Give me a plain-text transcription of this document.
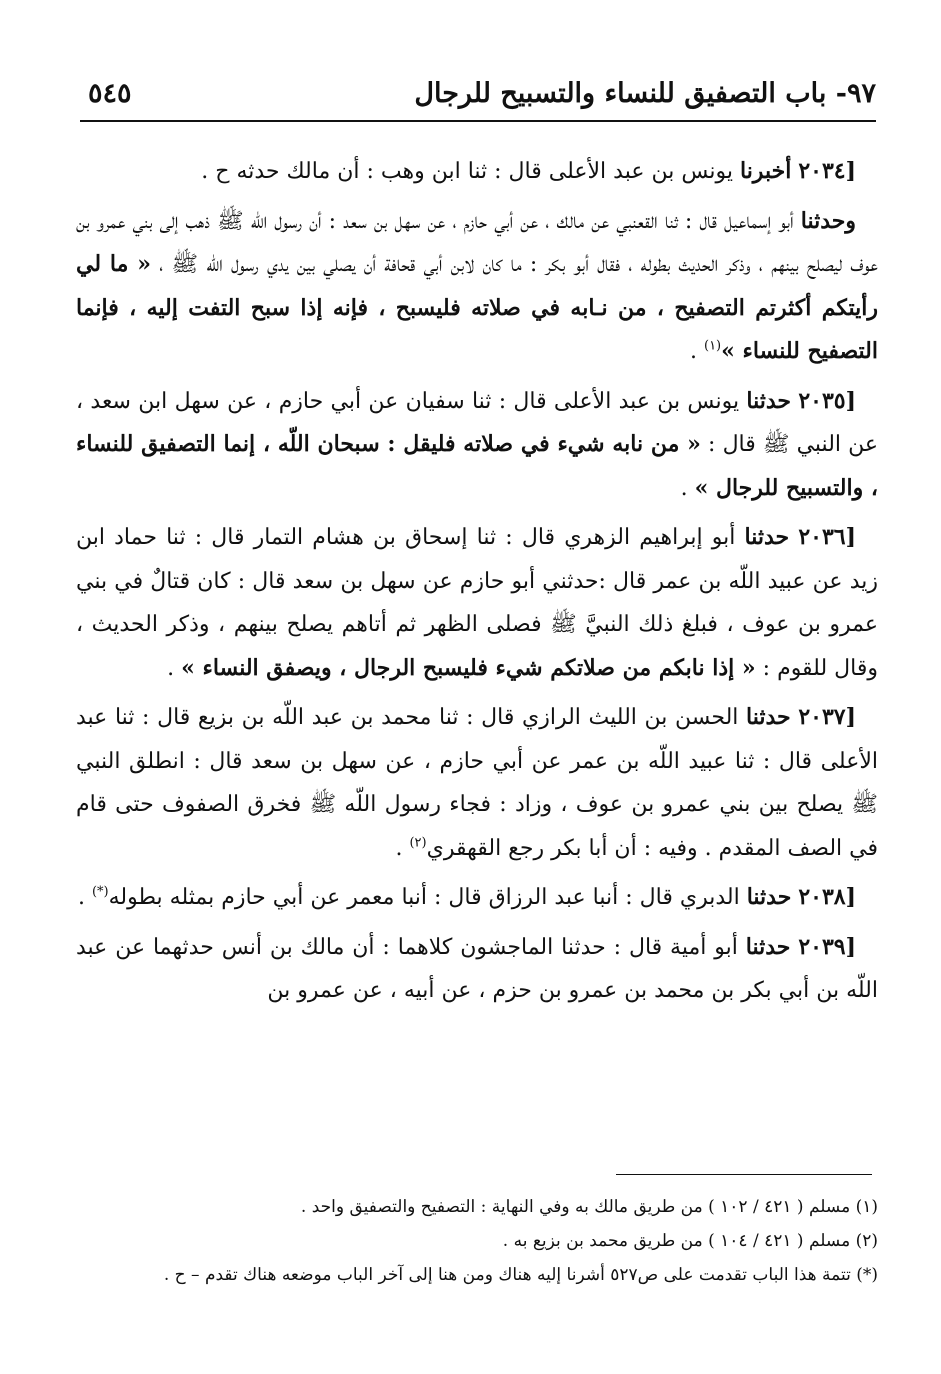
٩٧- باب التصفيق للنساء والتسبيح للرجال
٥٤٥

[٢٠٣٤ أخبرنا يونس بن عبد الأعلى قال : ثنا ابن وهب : أن مالك حدثه ح .

وحدثنا أبو إسماعيل قال : ثنا القعنبي عن مالك ، عن أبي حازم ، عن سهل بن سعد : أن رسول اللّه ﷺ ذهب إلى بني عمرو بن عوف ليصلح بينهم ، وذكر الحديث بطوله ، فقال أبو بكر : ما كان لابن أبي قحافة أن يصلي بين يدي رسول اللّه ﷺ ، « ما لي رأيتكم أكثرتم التصفيح ، من نـابه في صلاته فليسبح ، فإنه إذا سبح التفت إليه ، فإنما التصفيح للنساء »$^{(١)}$ .

[٢٠٣٥ حدثنا يونس بن عبد الأعلى قال : ثنا سفيان عن أبي حازم ، عن سهل ابن سعد ، عن النبي ﷺ قال : « من نابه شيء في صلاته فليقل : سبحان اللّه ، إنما التصفيق للنساء ، والتسبيح للرجال » .

[٢٠٣٦ حدثنا أبو إبراهيم الزهري قال : ثنا إسحاق بن هشام التمار قال : ثنا حماد ابن زيد عن عبيد اللّه بن عمر قال :حدثني أبو حازم عن سهل بن سعد قال : كان قتالٌ في بني عمرو بن عوف ، فبلغ ذلك النبيَّ ﷺ فصلى الظهر ثم أتاهم يصلح بينهم ، وذكر الحديث ، وقال للقوم : « إذا نابكم من صلاتكم شيء فليسبح الرجال ، ويصفق النساء » .

[٢٠٣٧ حدثنا الحسن بن الليث الرازي قال : ثنا محمد بن عبد اللّه بن بزيع قال : ثنا عبد الأعلى قال : ثنا عبيد اللّه بن عمر عن أبي حازم ، عن سهل بن سعد قال : انطلق النبي ﷺ يصلح بين بني عمرو بن عوف ، وزاد : فجاء رسول اللّه ﷺ فخرق الصفوف حتى قام في الصف المقدم . وفيه : أن أبا بكر رجع القهقري$^{(٢)}$ .

[٢٠٣٨ حدثنا الدبري قال : أنبا عبد الرزاق قال : أنبا معمر عن أبي حازم بمثله بطوله(*) .

[٢٠٣٩ حدثنا أبو أمية قال : حدثنا الماجشون كلاهما : أن مالك بن أنس حدثهما عن عبد اللّه بن أبي بكر بن محمد بن عمرو بن حزم ، عن أبيه ، عن عمرو بن

(١) مسلم ( ٤٢١ / ١٠٢ ) من طريق مالك به وفي النهاية : التصفيح والتصفيق واحد .

(٢) مسلم ( ٤٢١ / ١٠٤ ) من طريق محمد بن بزيع به .

(*) تتمة هذا الباب تقدمت على ص٥٢٧ أشرنا إليه هناك ومن هنا إلى آخر الباب موضعه هناك تقدم – ح .
